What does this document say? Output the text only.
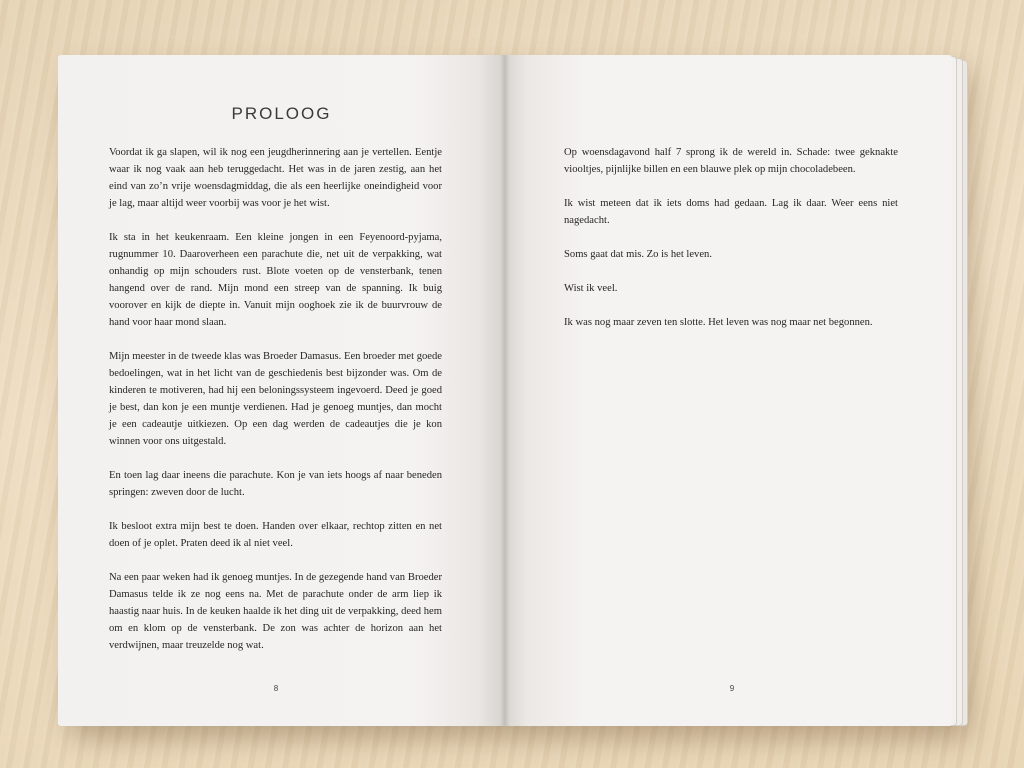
PROLOOG

Voordat ik ga slapen, wil ik nog een jeugdherinnering aan je vertellen. Eentje waar ik nog vaak aan heb teruggedacht. Het was in de jaren zestig, aan het eind van zo’n vrije woensdagmiddag, die als een heerlijke oneindigheid voor je lag, maar altijd weer voorbij was voor je het wist.

Ik sta in het keukenraam. Een kleine jongen in een Feyenoord-pyjama, rugnummer 10. Daaroverheen een parachute die, net uit de verpakking, wat onhandig op mijn schouders rust. Blote voeten op de vensterbank, tenen hangend over de rand. Mijn mond een streep van de spanning. Ik buig voorover en kijk de diepte in. Vanuit mijn ooghoek zie ik de buurvrouw de hand voor haar mond slaan.

Mijn meester in de tweede klas was Broeder Damasus. Een broeder met goede bedoelingen, wat in het licht van de geschiedenis best bijzonder was. Om de kinderen te motiveren, had hij een beloningssysteem ingevoerd. Deed je goed je best, dan kon je een muntje verdienen. Had je genoeg muntjes, dan mocht je een cadeautje uitkiezen. Op een dag werden de cadeautjes die je kon winnen voor ons uitgestald.

En toen lag daar ineens die parachute. Kon je van iets hoogs af naar beneden springen: zweven door de lucht.

Ik besloot extra mijn best te doen. Handen over elkaar, rechtop zitten en net doen of je oplet. Praten deed ik al niet veel.

Na een paar weken had ik genoeg muntjes. In de gezegende hand van Broeder Damasus telde ik ze nog eens na. Met de parachute onder de arm liep ik haastig naar huis. In de keuken haalde ik het ding uit de verpakking, deed hem om en klom op de vensterbank. De zon was achter de horizon aan het verdwijnen, maar treuzelde nog wat.

Op woensdagavond half 7 sprong ik de wereld in. Schade: twee geknakte viooltjes, pijnlijke billen en een blauwe plek op mijn chocoladebeen.

Ik wist meteen dat ik iets doms had gedaan. Lag ik daar. Weer eens niet nagedacht.

Soms gaat dat mis. Zo is het leven.

Wist ik veel.

Ik was nog maar zeven ten slotte. Het leven was nog maar net begonnen.

8	9
